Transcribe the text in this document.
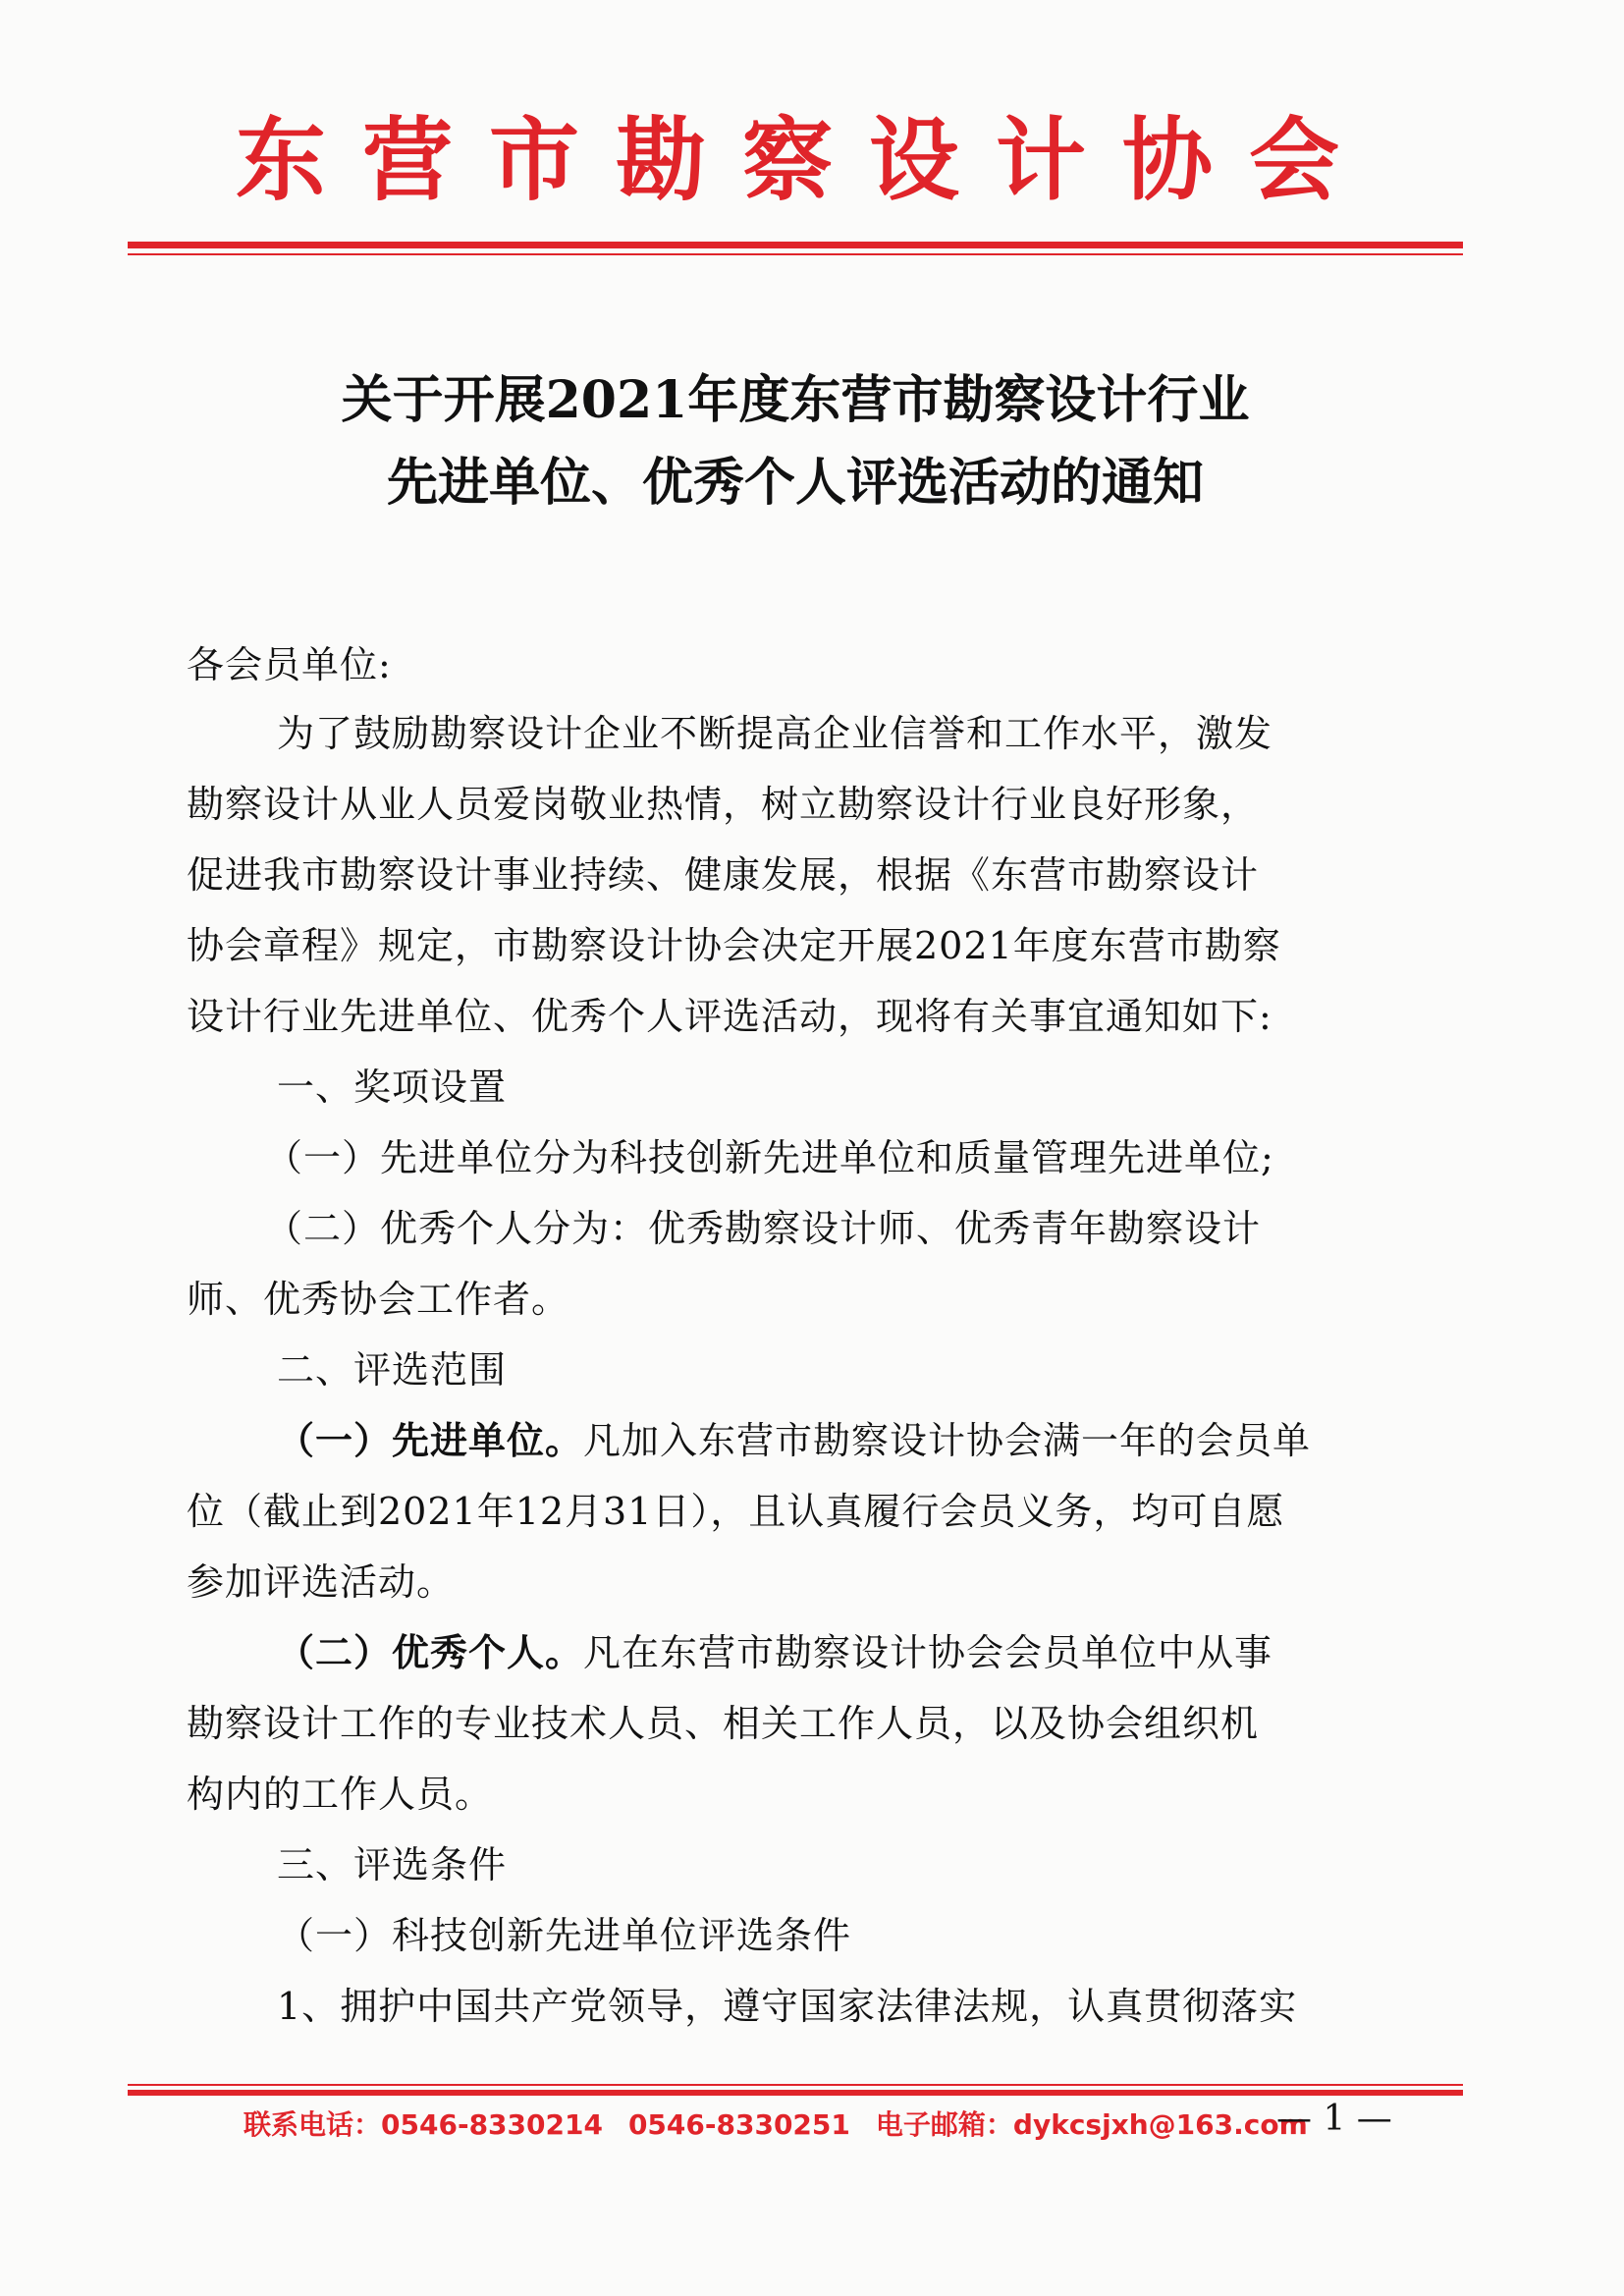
东营市勘察设计协会
关于开展2021年度东营市勘察设计行业
先进单位、优秀个人评选活动的通知
各会员单位:
为了鼓励勘察设计企业不断提高企业信誉和工作水平，激发
勘察设计从业人员爱岗敬业热情，树立勘察设计行业良好形象，
促进我市勘察设计事业持续、健康发展，根据《东营市勘察设计
协会章程》规定，市勘察设计协会决定开展2021年度东营市勘察
设计行业先进单位、优秀个人评选活动，现将有关事宜通知如下:
一、奖项设置
（一）先进单位分为科技创新先进单位和质量管理先进单位;
（二）优秀个人分为：优秀勘察设计师、优秀青年勘察设计
师、优秀协会工作者。
二、评选范围
（一）先进单位。凡加入东营市勘察设计协会满一年的会员单
位（截止到2021年12月31日），且认真履行会员义务，均可自愿
参加评选活动。
（二）优秀个人。凡在东营市勘察设计协会会员单位中从事
勘察设计工作的专业技术人员、相关工作人员，以及协会组织机
构内的工作人员。
三、评选条件
（一）科技创新先进单位评选条件
1、拥护中国共产党领导，遵守国家法律法规，认真贯彻落实
联系电话：0546-8330214 0546-8330251 电子邮箱：dykcsjxh@163.com
— 1 —
